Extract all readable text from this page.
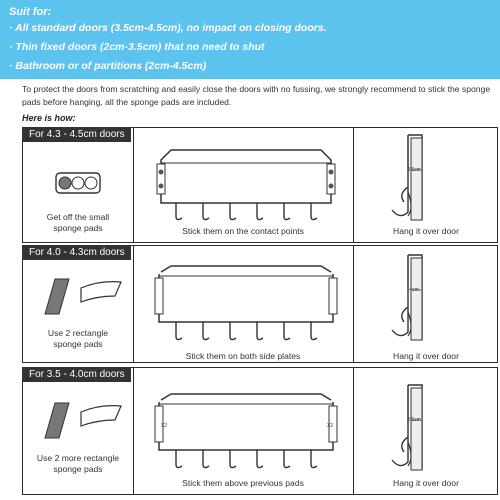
Suit for:
· All standard doors (3.5cm-4.5cm), no impact on closing doors.
· Thin fixed doors (2cm-3.5cm) that no need to shut
· Bathroom or of partitions (2cm-4.5cm)
To protect the doors from scratching and easily close the doors with no fussing, we strongly recommend to stick the sponge pads before hanging, all the sponge pads are included.
Here is how:
For 4.3 - 4.5cm doors
Get off the small
sponge pads	Stick them on the contact points
4.5cm
Hang it over door
For 4.0 - 4.3cm doors
Use 2 rectangle
sponge pads
Stick them on both side plates
4cm
Hang it over door
For 3.5 - 4.0cm doors
Use 2 more rectangle
sponge pads
X2	X2
Stick them above previous pads
3.5cm
Hang it over door
